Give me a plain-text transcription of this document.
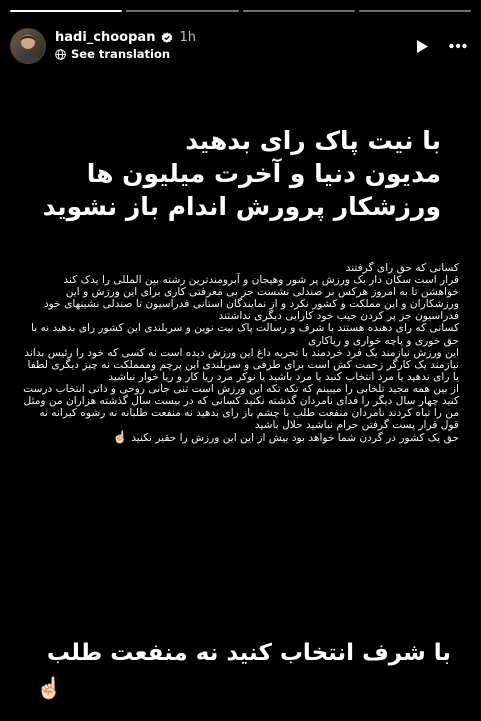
hadi_choopan 1h
See translation
با نیت پاک رای بدهید
مدیون دنیا و آخرت میلیون ها
ورزشکار پرورش اندام باز نشوید

کسانی که حق رای گرفتند

قرار است سکان دار یک ورزش پر شور وهیجان و آبرومندترین رشته بین المللی را یدک کند

خواهشن تا به امروز هرکس بر صندلی نشست جز بی معرفتی کاری برای این ورزش و این ورزشکاران و این مملکت و کشور نکرد و از نمایندگان استانی فدراسیون تا صندلی نشینهای خود فدراسیون جز پر کردن جیب خود کارایی دیگری نداشتند

کسانی که رای دهنده هستند با شرف و رسالت پاک نیت نوین و سربلندی این کشور رای بدهید نه با حق خوری و پاچه خواری و ریاکاری

این ورزش نیازمند یک فرد خردمند با تجربه داغ این ورزش دیده است نه کسی که خود را رئیس بداند نیازمند یک کارگر زحمت کش است برای طرفی و سربلندی این پرچم وممملکت نه چیز دیگری لطفا یا رای ندهید یا مرد انتخاب کنید یا مرد باشید یا نوکر مرد ریا کار و ریا خوار نباشید

از بین همه مجید تلخابی را میبینم که تکه تکه این ورزش است تنی جانی روحی و ذاتی انتخاب درست کنید چهار سال دیگر را فدای نامردان گذشته نکنید کسانی که در بیست سال گذشته هزاران من ومثل من را تباه کردند نامردان منفعت طلب با چشم باز رای بدهید نه منفعت طلبانه نه رشوه کیرانه نه قول قرار پست گرفتن حرام نباشید حلال باشید

حق یک کشور در گردن شما خواهد بود بیش از این این ورزش را حقیر نکنید ☝🏻

با شرف انتخاب کنید نه منفعت طلب
☝🏻
